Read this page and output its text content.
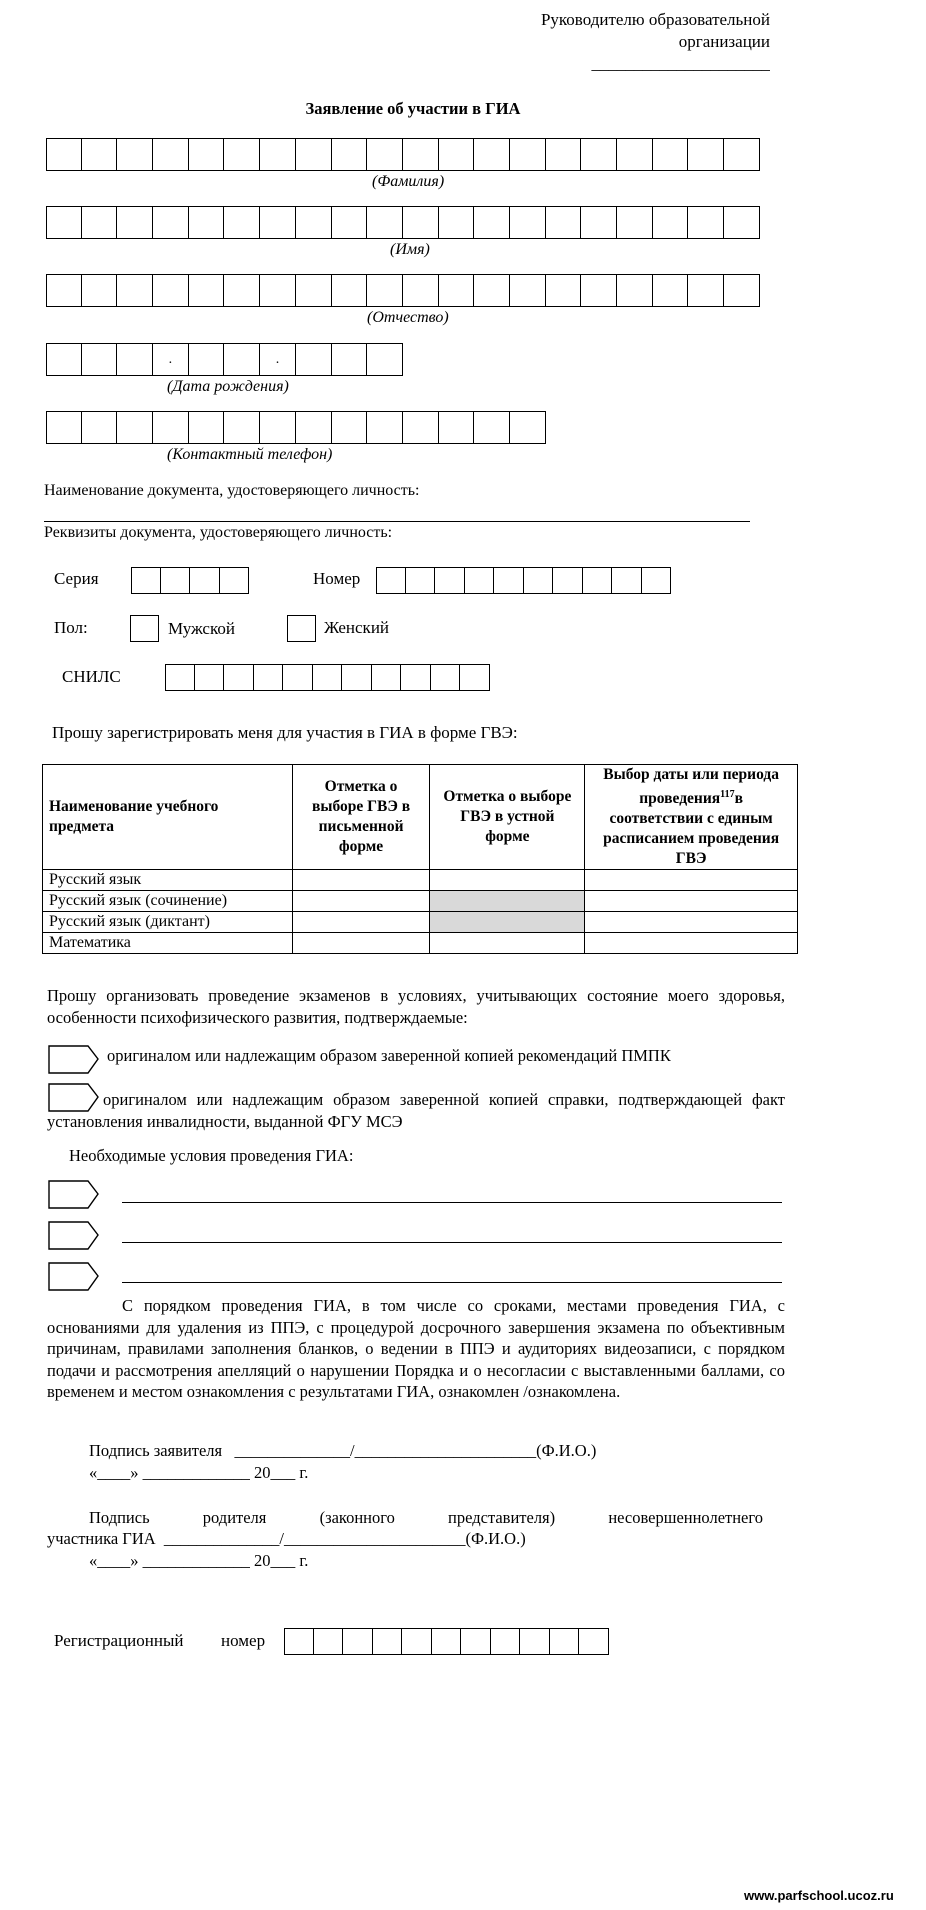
Руководителю образовательной
организации
_____________________
Заявление об участии в ГИА
(Фамилия)
(Имя)
(Отчество)
.	.
(Дата рождения)
(Контактный телефон)
Наименование документа, удостоверяющего личность:
Реквизиты документа, удостоверяющего личность:
Серия	Номер
Пол:	Мужской	Женский
СНИЛС
Прошу зарегистрировать меня для участия в ГИА в форме ГВЭ:
Наименование учебного предмета	Отметка о выборе ГВЭ в письменной форме	Отметка о выборе ГВЭ в устной форме	Выбор даты или периода проведения$^{117}$в соответствии с единым расписанием проведения ГВЭ
Русский язык			
Русский язык (сочинение)			
Русский язык (диктант)			
Математика			
Прошу организовать проведение экзаменов в условиях, учитывающих состояние моего здоровья, особенности психофизического развития, подтверждаемые:
оригиналом или надлежащим образом заверенной копией рекомендаций ПМПК
оригиналом или надлежащим образом заверенной копией справки, подтверждающей факт установления инвалидности, выданной ФГУ МСЭ
Необходимые условия проведения ГИА:
С порядком проведения ГИА, в том числе со сроками, местами проведения ГИА, с основаниями для удаления из ППЭ, с процедурой досрочного завершения экзамена по объективным причинам, правилами заполнения бланков, о ведении в ППЭ и аудиториях видеозаписи, с порядком подачи и рассмотрения апелляций о нарушении Порядка и о несогласии с выставленными баллами, со временем и местом ознакомления с результатами ГИА, ознакомлен /ознакомлена.
Подпись заявителя   ______________/______________________(Ф.И.О.)
«____» _____________ 20___ г.
Подпись родителя (законного представителя) несовершеннолетнего
участника ГИА  ______________/______________________(Ф.И.О.)
«____» _____________ 20___ г.
Регистрационный номер
www.parfschool.ucoz.ru
